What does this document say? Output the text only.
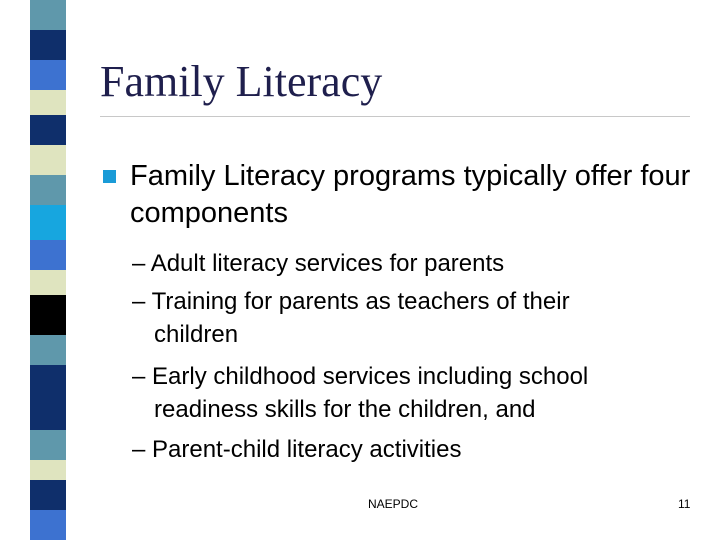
Family Literacy
Family Literacy programs typically offer four components
– Adult literacy services for parents
– Training for parents as teachers of their
children
– Early childhood services including school
readiness skills for the children, and
– Parent-child literacy activities
NAEPDC	11
